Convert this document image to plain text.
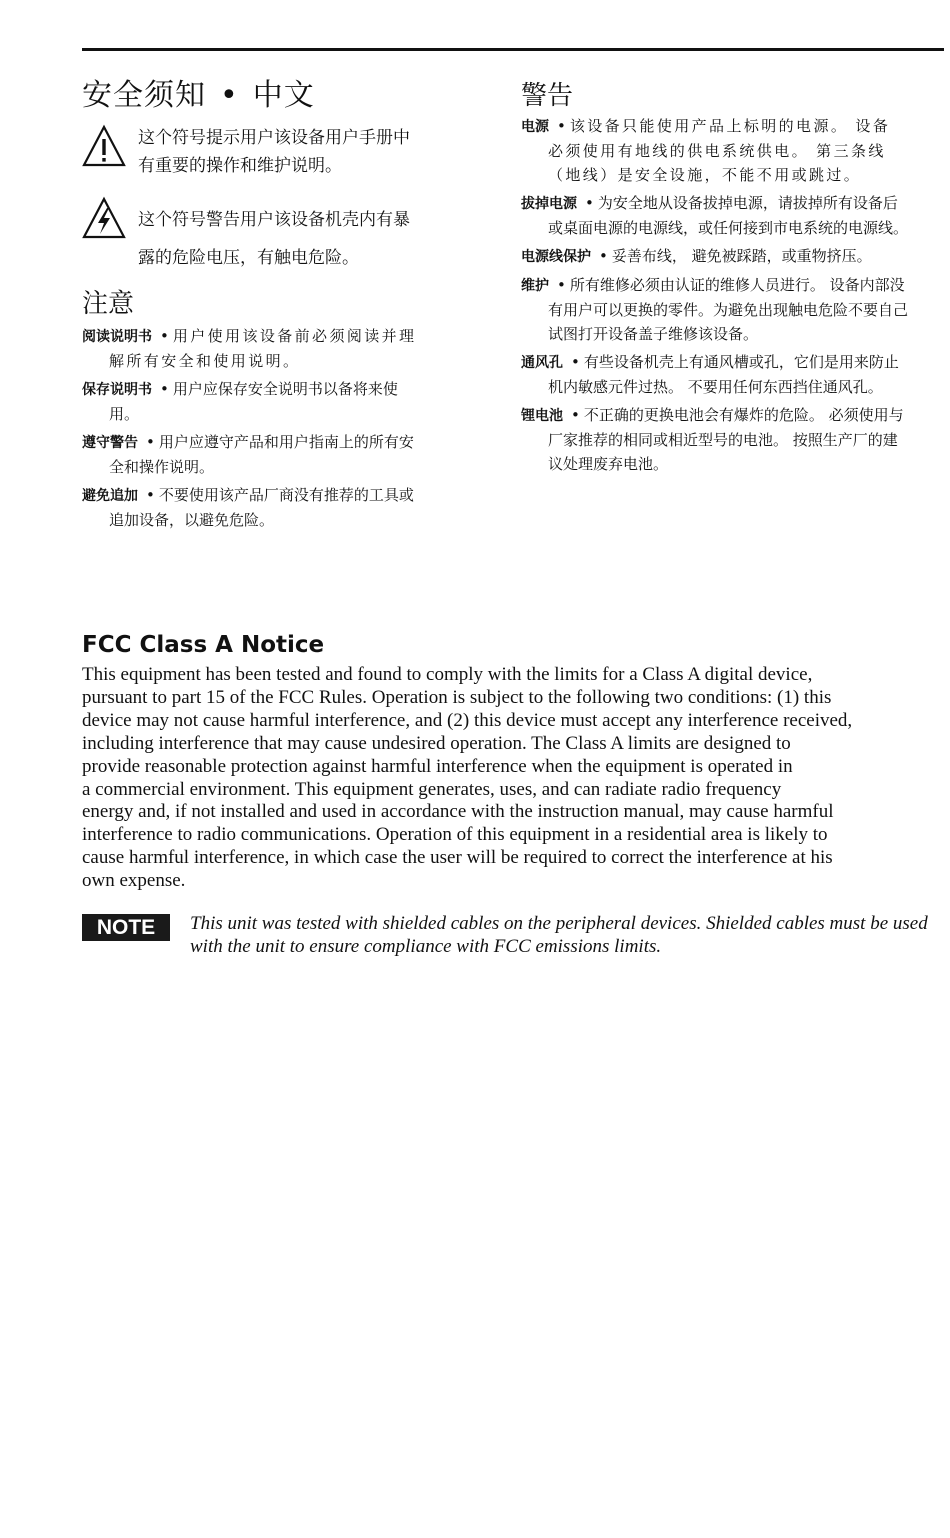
安全须知 • 中文
这个符号提示用户该设备用户手册中
有重要的操作和维护说明。
这个符号警告用户该设备机壳内有暴
露的危险电压，有触电危险。
注意

阅读说明书 • 用户使用该设备前必须阅读并理
解所有安全和使用说明。

保存说明书 • 用户应保存安全说明书以备将来使
用。

遵守警告 • 用户应遵守产品和用户指南上的所有安
全和操作说明。

避免追加 • 不要使用该产品厂商没有推荐的工具或
追加设备，以避免危险。

警告

电源 • 该设备只能使用产品上标明的电源。 设备
必须使用有地线的供电系统供电。 第三条线
（地线）是安全设施，不能不用或跳过。

拔掉电源 • 为安全地从设备拔掉电源，请拔掉所有设备后
或桌面电源的电源线，或任何接到市电系统的电源线。

电源线保护 • 妥善布线， 避免被踩踏，或重物挤压。

维护 • 所有维修必须由认证的维修人员进行。 设备内部没
有用户可以更换的零件。为避免出现触电危险不要自己
试图打开设备盖子维修该设备。

通风孔 • 有些设备机壳上有通风槽或孔，它们是用来防止
机内敏感元件过热。 不要用任何东西挡住通风孔。

锂电池 • 不正确的更换电池会有爆炸的危险。 必须使用与
厂家推荐的相同或相近型号的电池。 按照生产厂的建
议处理废弃电池。

FCC Class A Notice
This equipment has been tested and found to comply with the limits for a Class A digital device,
pursuant to part 15 of the FCC Rules. Operation is subject to the following two conditions: (1) this
device may not cause harmful interference, and (2) this device must accept any interference received,
including interference that may cause undesired operation. The Class A limits are designed to
provide reasonable protection against harmful interference when the equipment is operated in
a commercial environment. This equipment generates, uses, and can radiate radio frequency
energy and, if not installed and used in accordance with the instruction manual, may cause harmful
interference to radio communications. Operation of this equipment in a residential area is likely to
cause harmful interference, in which case the user will be required to correct the interference at his
own expense.
NOTE	This unit was tested with shielded cables on the peripheral devices. Shielded cables must be used
with the unit to ensure compliance with FCC emissions limits.
